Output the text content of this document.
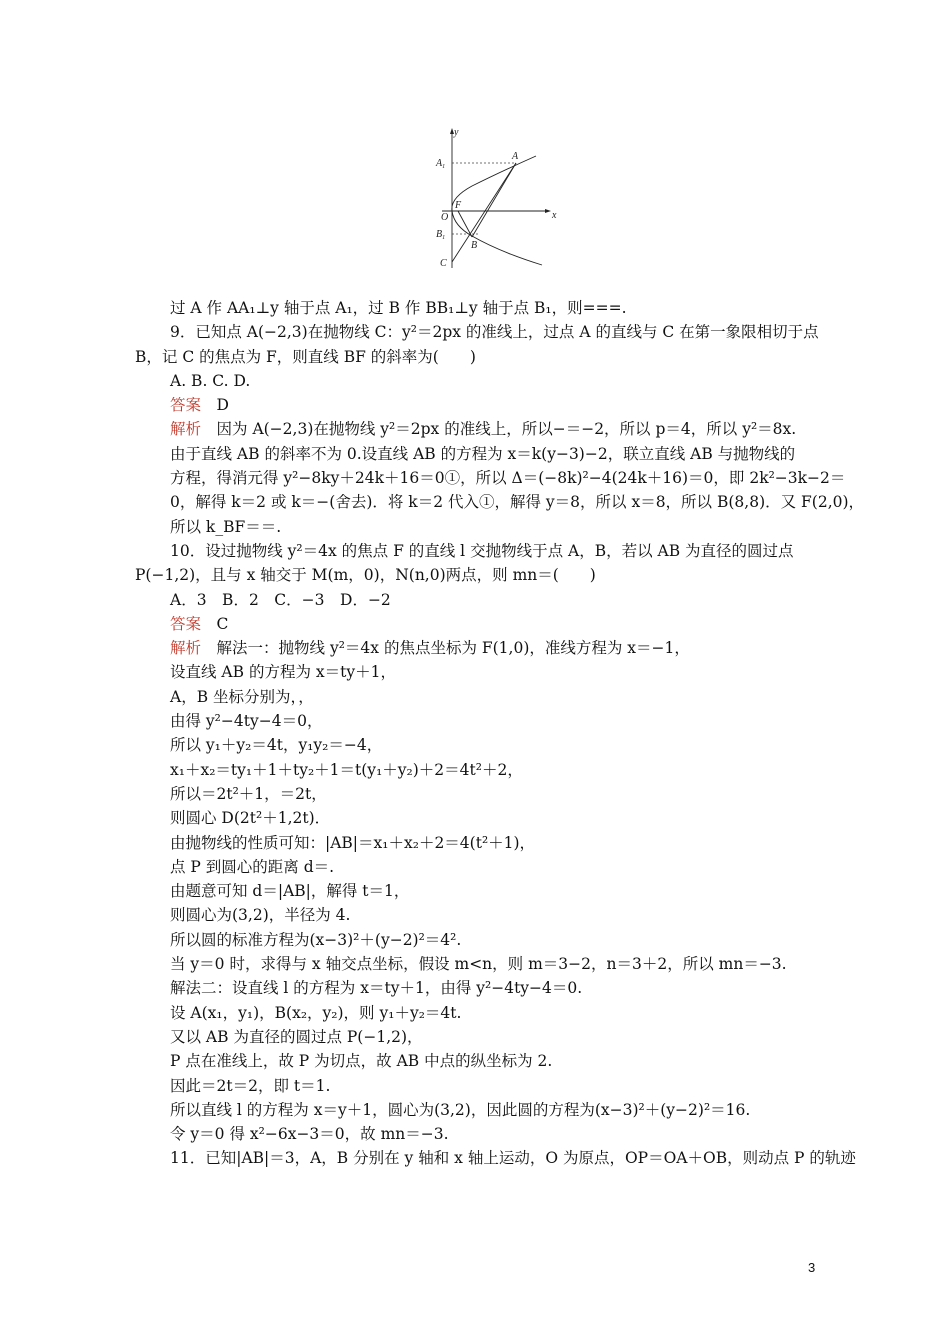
y
x
$A_1$
A
F
O
$B_1$
B
C
过 A 作 AA₁⊥y 轴于点 A₁，过 B 作 BB₁⊥y 轴于点 B₁，则===.
9．已知点 A(−2,3)在抛物线 C：y²＝2px 的准线上，过点 A 的直线与 C 在第一象限相切于点
B，记 C 的焦点为 F，则直线 BF 的斜率为(　　)
A. B. C. D.
答案　D
解析　因为 A(−2,3)在抛物线 y²＝2px 的准线上，所以−＝−2，所以 p＝4，所以 y²＝8x.
由于直线 AB 的斜率不为 0.设直线 AB 的方程为 x＝k(y−3)−2，联立直线 AB 与抛物线的
方程，得消元得 y²−8ky＋24k＋16＝0①，所以 Δ＝(−8k)²−4(24k＋16)＝0，即 2k²−3k−2＝
0，解得 k＝2 或 k＝−(舍去)．将 k＝2 代入①，解得 y＝8，所以 x＝8，所以 B(8,8)．又 F(2,0)，
所以 k_BF＝＝.
10．设过抛物线 y²＝4x 的焦点 F 的直线 l 交抛物线于点 A，B，若以 AB 为直径的圆过点
P(−1,2)，且与 x 轴交于 M(m，0)，N(n,0)两点，则 mn＝(　　)
A．3　B．2　C．−3　D．−2
答案　C
解析　解法一：抛物线 y²＝4x 的焦点坐标为 F(1,0)，准线方程为 x＝−1，
设直线 AB 的方程为 x＝ty＋1，
A，B 坐标分别为，，
由得 y²−4ty−4＝0，
所以 y₁＋y₂＝4t，y₁y₂＝−4，
x₁＋x₂＝ty₁＋1＋ty₂＋1＝t(y₁＋y₂)＋2＝4t²＋2，
所以＝2t²＋1，＝2t，
则圆心 D(2t²＋1,2t)．
由抛物线的性质可知：|AB|＝x₁＋x₂＋2＝4(t²＋1)，
点 P 到圆心的距离 d＝.
由题意可知 d＝|AB|，解得 t＝1，
则圆心为(3,2)，半径为 4.
所以圆的标准方程为(x−3)²＋(y−2)²＝4².
当 y＝0 时，求得与 x 轴交点坐标，假设 m<n，则 m＝3−2，n＝3＋2，所以 mn＝−3.
解法二：设直线 l 的方程为 x＝ty＋1，由得 y²−4ty−4＝0.
设 A(x₁，y₁)，B(x₂，y₂)，则 y₁＋y₂＝4t.
又以 AB 为直径的圆过点 P(−1,2)，
P 点在准线上，故 P 为切点，故 AB 中点的纵坐标为 2.
因此＝2t＝2，即 t＝1.
所以直线 l 的方程为 x＝y＋1，圆心为(3,2)，因此圆的方程为(x−3)²＋(y−2)²＝16.
令 y＝0 得 x²−6x−3＝0，故 mn＝−3.
11．已知|AB|＝3，A，B 分别在 y 轴和 x 轴上运动，O 为原点，OP＝OA＋OB，则动点 P 的轨迹
3
